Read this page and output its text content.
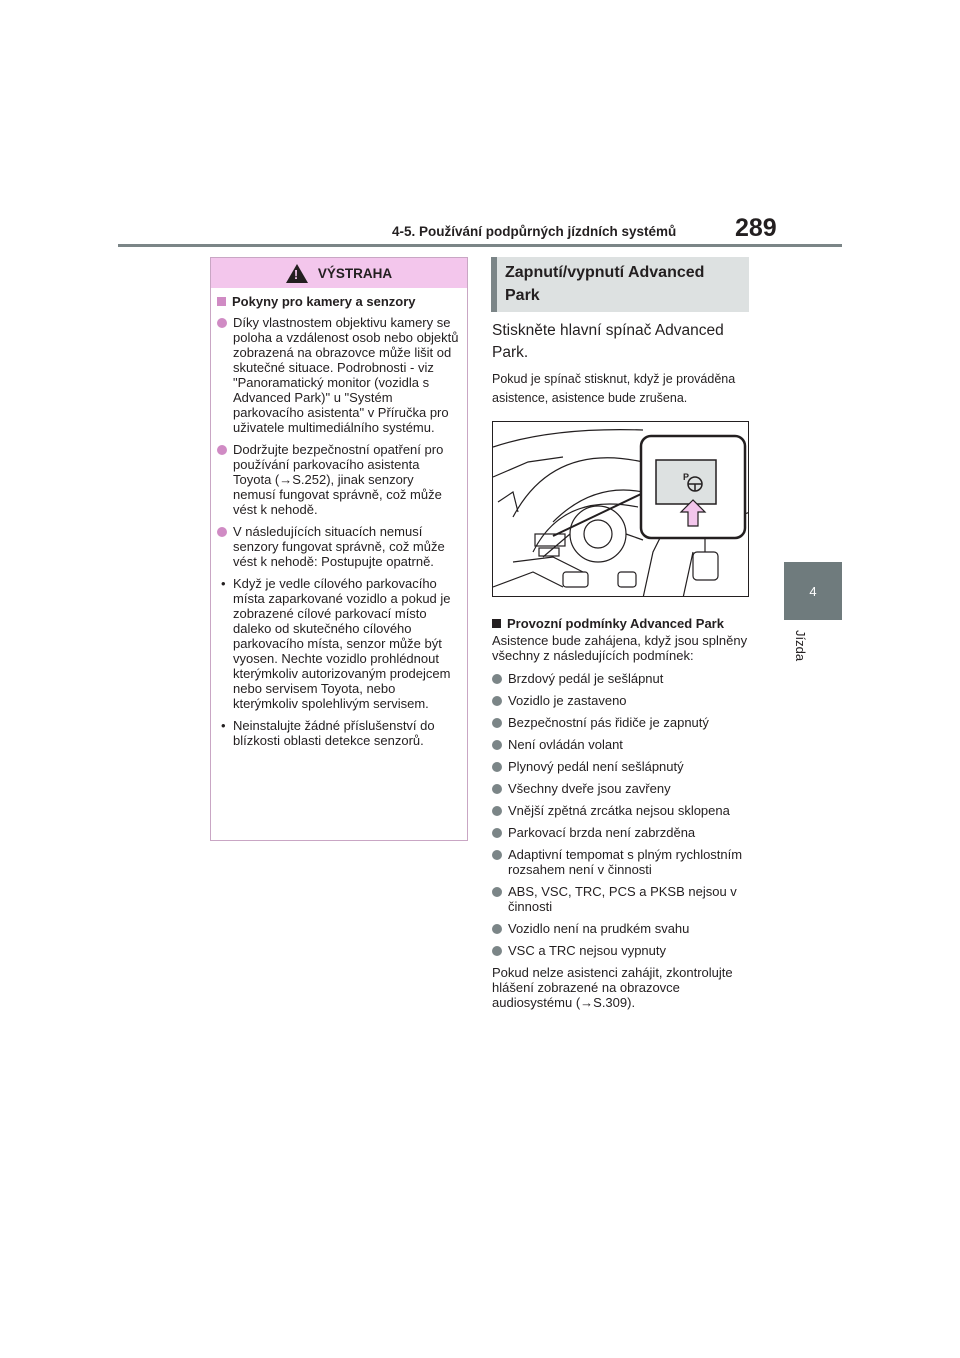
4-5. Používání podpůrných jízdních systémů 289
4
Jízda
!
VÝSTRAHA
Pokyny pro kamery a senzory
Díky vlastnostem objektivu kamery se poloha a vzdálenost osob nebo objektů zobrazená na obrazovce může lišit od skutečné situace. Podrobnosti - viz "Panoramatický monitor (vozidla s Advanced Park)" u "Systém parkovacího asistenta" v Příručka pro uživatele multimediálního systému.
Dodržujte bezpečnostní opatření pro používání parkovacího asistenta Toyota (→S.252), jinak senzory nemusí fungovat správně, což může vést k nehodě.
V následujících situacích nemusí senzory fungovat správně, což může vést k nehodě: Postupujte opatrně.
• Když je vedle cílového parkovacího místa zaparkované vozidlo a pokud je zobrazené cílové parkovací místo daleko od skutečného cílového parkovacího místa, senzor může být vyosen. Nechte vozidlo prohlédnout kterýmkoliv autorizovaným prodejcem nebo servisem Toyota, nebo kterýmkoliv spolehlivým servisem.
• Neinstalujte žádné příslušenství do blízkosti oblasti detekce senzorů.
Zapnutí/vypnutí Advanced Park
Stiskněte hlavní spínač Advanced Park.
Pokud je spínač stisknut, když je prováděna asistence, asistence bude zrušena.
P
Provozní podmínky Advanced Park
Asistence bude zahájena, když jsou splněny všechny z následujících podmínek:
Brzdový pedál je sešlápnut
Vozidlo je zastaveno
Bezpečnostní pás řidiče je zapnutý
Není ovládán volant
Plynový pedál není sešlápnutý
Všechny dveře jsou zavřeny
Vnější zpětná zrcátka nejsou sklopena
Parkovací brzda není zabrzděna
Adaptivní tempomat s plným rychlostním rozsahem není v činnosti
ABS, VSC, TRC, PCS a PKSB nejsou v činnosti
Vozidlo není na prudkém svahu
VSC a TRC nejsou vypnuty
Pokud nelze asistenci zahájit, zkontrolujte hlášení zobrazené na obrazovce audiosystému (→S.309).
